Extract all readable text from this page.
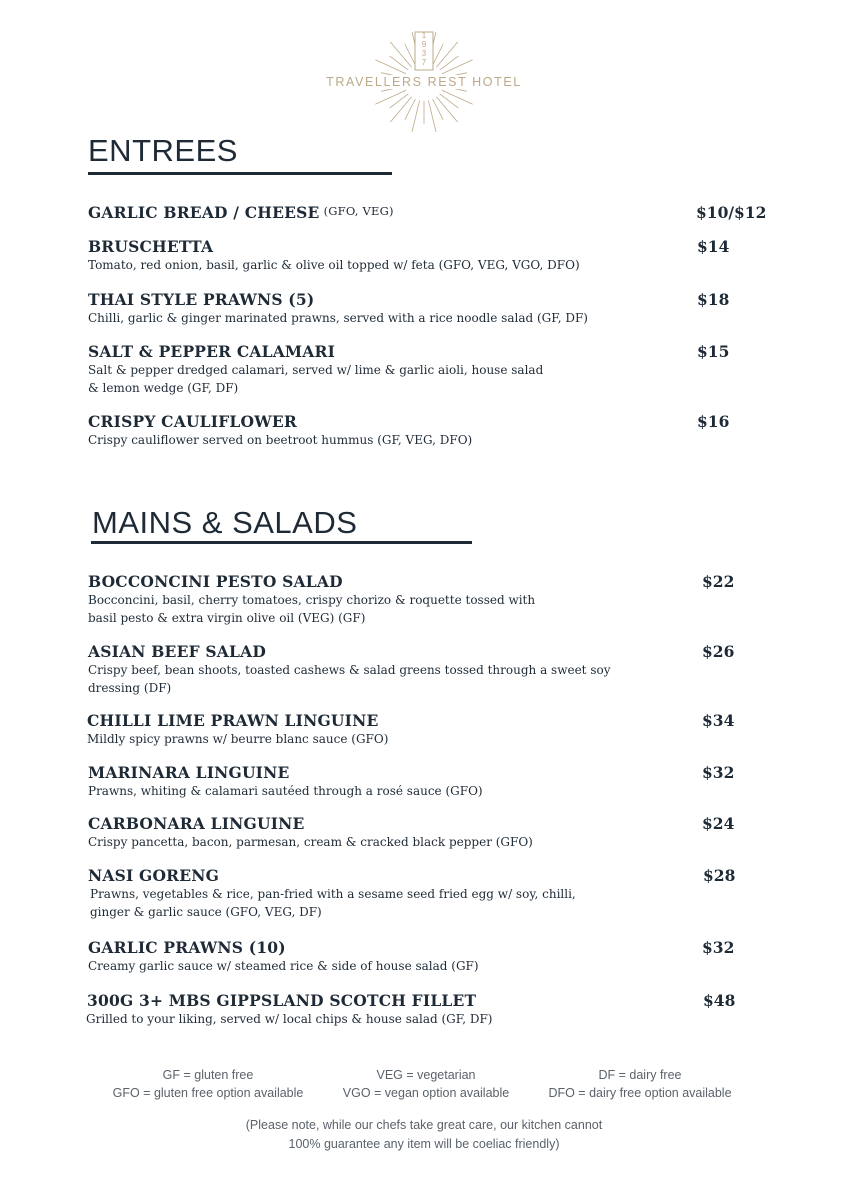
1 9 3 7
TRAVELLERS REST HOTEL
ENTREES
MAINS & SALADS
GARLIC BREAD / CHEESE (GFO, VEG)	$10/$12
BRUSCHETTA
Tomato, red onion, basil, garlic & olive oil topped w/ feta (GFO, VEG, VGO, DFO)
$14
THAI STYLE PRAWNS (5)
Chilli, garlic & ginger marinated prawns, served with a rice noodle salad (GF, DF)
$18
SALT & PEPPER CALAMARI
Salt & pepper dredged calamari, served w/ lime & garlic aioli, house salad
& lemon wedge (GF, DF)
$15
CRISPY CAULIFLOWER
Crispy cauliflower served on beetroot hummus (GF, VEG, DFO)
$16
BOCCONCINI PESTO SALAD
Bocconcini, basil, cherry tomatoes, crispy chorizo & roquette tossed with
basil pesto & extra virgin olive oil (VEG) (GF)
$22
ASIAN BEEF SALAD
Crispy beef, bean shoots, toasted cashews & salad greens tossed through a sweet soy
dressing (DF)
$26
CHILLI LIME PRAWN LINGUINE
Mildly spicy prawns w/ beurre blanc sauce (GFO)
$34
MARINARA LINGUINE
Prawns, whiting & calamari sautéed through a rosé sauce (GFO)
$32
CARBONARA LINGUINE
Crispy pancetta, bacon, parmesan, cream & cracked black pepper (GFO)
$24
NASI GORENG
Prawns, vegetables & rice, pan-fried with a sesame seed fried egg w/ soy, chilli,
ginger & garlic sauce (GFO, VEG, DF)
$28
GARLIC PRAWNS (10)
Creamy garlic sauce w/ steamed rice & side of house salad (GF)
$32
300G 3+ MBS GIPPSLAND SCOTCH FILLET
Grilled to your liking, served w/ local chips & house salad (GF, DF)
$48
GF = gluten free
GFO = gluten free option available
VEG = vegetarian
VGO = vegan option available
DF = dairy free
DFO = dairy free option available
(Please note, while our chefs take great care, our kitchen cannot
100% guarantee any item will be coeliac friendly)
